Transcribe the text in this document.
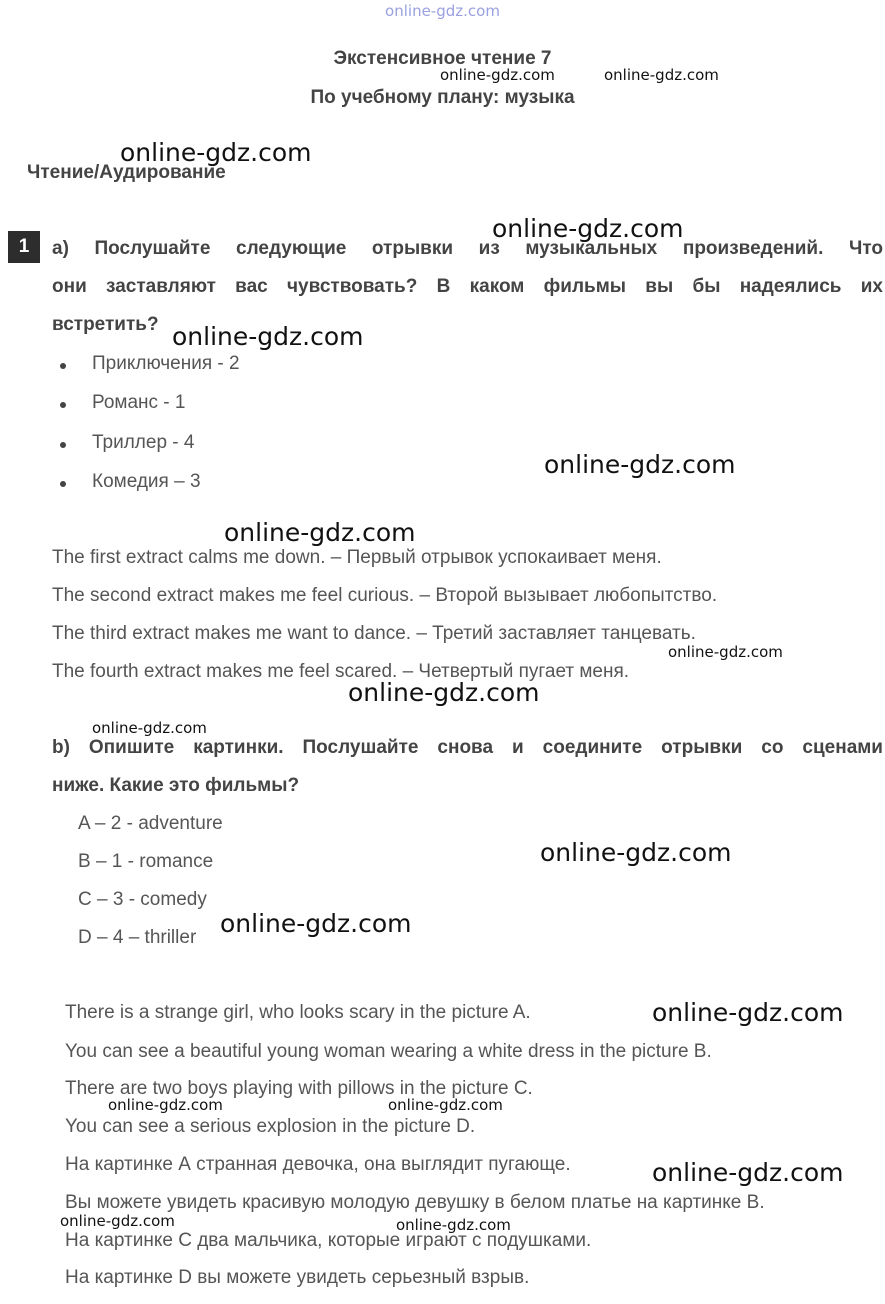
online-gdz.com
Экстенсивное чтение 7
По учебному плану: музыка
Чтение/Аудирование
1	a) Послушайте следующие отрывки из музыкальных произведений. Что
они заставляют вас чувствовать? В каком фильмы вы бы надеялись их
встретить?
Приключения - 2
Романс - 1
Триллер - 4
Комедия – 3
The first extract calms me down. – Первый отрывок успокаивает меня.
The second extract makes me feel curious. – Второй вызывает любопытство.
The third extract makes me want to dance. – Третий заставляет танцевать.
The fourth extract makes me feel scared. – Четвертый пугает меня.
b) Опишите картинки. Послушайте снова и соедините отрывки со сценами
ниже. Какие это фильмы?
A – 2 - adventure
B – 1 - romance
C – 3 - comedy
D – 4 – thriller
There is a strange girl, who looks scary in the picture A.
You can see a beautiful young woman wearing a white dress in the picture B.
There are two boys playing with pillows in the picture C.
You can see a serious explosion in the picture D.
На картинке А странная девочка, она выглядит пугающе.
Вы можете увидеть красивую молодую девушку в белом платье на картинке В.
На картинке С два мальчика, которые играют с подушками.
На картинке D вы можете увидеть серьезный взрыв.
online-gdz.com	online-gdz.com
online-gdz.com
online-gdz.com
online-gdz.com
online-gdz.com
online-gdz.com
online-gdz.com
online-gdz.com
online-gdz.com
online-gdz.com
online-gdz.com
online-gdz.com
online-gdz.com	online-gdz.com
online-gdz.com
online-gdz.com	online-gdz.com
